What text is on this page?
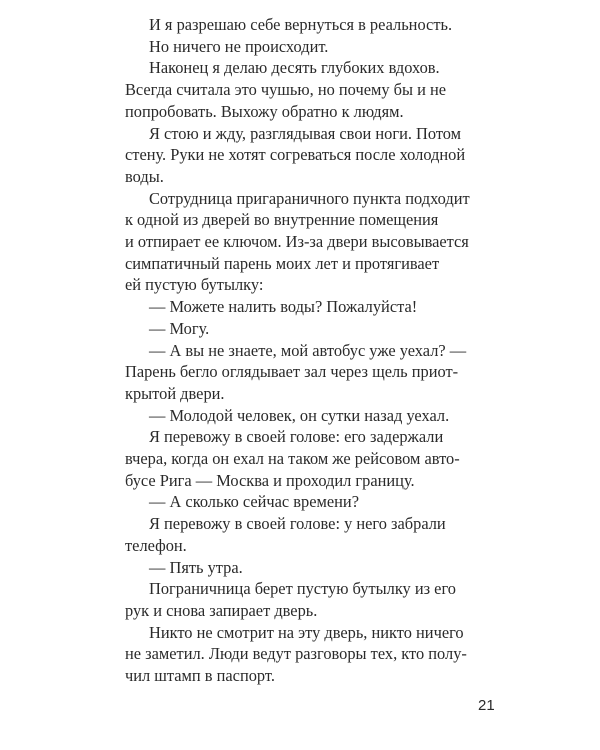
И я разрешаю себе вернуться в реальность.
Но ничего не происходит.
Наконец я делаю десять глубоких вдохов.
Всегда считала это чушью, но почему бы и не
попробовать. Выхожу обратно к людям.
Я стою и жду, разглядывая свои ноги. Потом
стену. Руки не хотят согреваться после холодной
воды.
Сотрудница пригараничного пункта подходит
к одной из дверей во внутренние помещения
и отпирает ее ключом. Из-за двери высовывается
симпатичный парень моих лет и протягивает
ей пустую бутылку:
— Можете налить воды? Пожалуйста!
— Могу.
— А вы не знаете, мой автобус уже уехал? —
Парень бегло оглядывает зал через щель приот-
крытой двери.
— Молодой человек, он сутки назад уехал.
Я перевожу в своей голове: его задержали
вчера, когда он ехал на таком же рейсовом авто-
бусе Рига — Москва и проходил границу.
— А сколько сейчас времени?
Я перевожу в своей голове: у него забрали
телефон.
— Пять утра.
Пограничница берет пустую бутылку из его
рук и снова запирает дверь.
Никто не смотрит на эту дверь, никто ничего
не заметил. Люди ведут разговоры тех, кто полу-
чил штамп в паспорт.
21
